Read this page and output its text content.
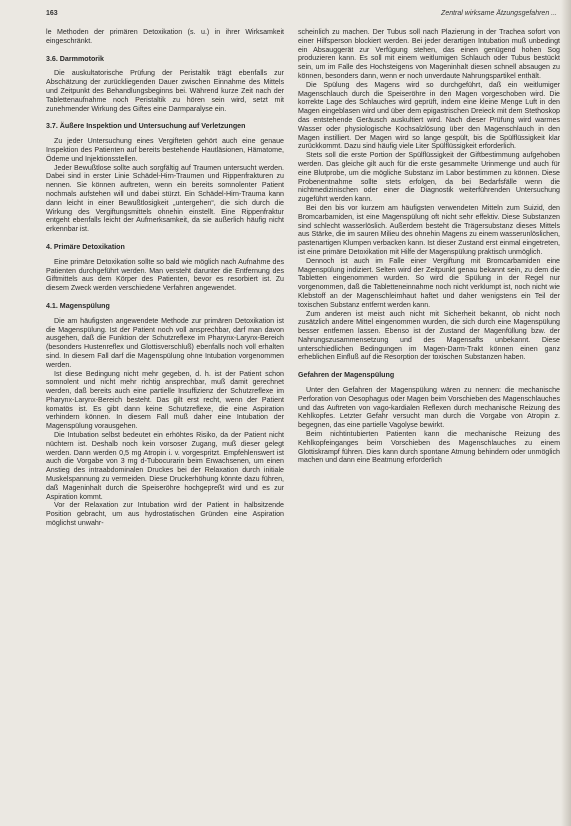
163	Zentral wirksame Ätzungsgefahren ...

le Methoden der primären Detoxikation (s. u.) in ihrer Wirksamkeit eingeschränkt.

3.6. Darmmotorik

Die auskultatorische Prüfung der Peristaltik trägt ebenfalls zur Abschätzung der zurückliegenden Dauer zwischen Einnahme des Mittels und Zeitpunkt des Behandlungsbeginns bei. Während kurze Zeit nach der Tablettenaufnahme noch Peristaltik zu hören sein wird, setzt mit zunehmender Wirkung des Giftes eine Darmparalyse ein.

3.7. Äußere Inspektion und Untersuchung auf Verletzungen

Zu jeder Untersuchung eines Vergifteten gehört auch eine genaue Inspektion des Patienten auf bereits bestehende Hautläsionen, Hämatome, Ödeme und Injektionsstellen.

Jeder Bewußtlose sollte auch sorgfältig auf Traumen untersucht werden. Dabei sind in erster Linie Schädel-Hirn-Traumen und Rippenfrakturen zu nennen. Sie können auftreten, wenn ein bereits somnolenter Patient nochmals aufstehen will und dabei stürzt. Ein Schädel-Hirn-Trauma kann dann leicht in einer Bewußtlosigkeit „untergehen“, die sich durch die Wirkung des Vergiftungsmittels ohnehin einstellt. Eine Rippenfraktur entgeht ebenfalls leicht der Aufmerksamkeit, da sie außerlich häufig nicht erkennbar ist.

4. Primäre Detoxikation

Eine primäre Detoxikation sollte so bald wie möglich nach Aufnahme des Patienten durchgeführt werden. Man versteht darunter die Entfernung des Giftmittels aus dem Körper des Patienten, bevor es resorbiert ist. Zu diesem Zweck werden verschiedene Verfahren angewendet.

4.1. Magenspülung

Die am häufigsten angewendete Methode zur primären Detoxikation ist die Magenspülung. Ist der Patient noch voll ansprechbar, darf man davon ausgehen, daß die Funktion der Schutzreflexe im Pharynx-Larynx-Bereich (besonders Hustenreflex und Glottisverschluß) ebenfalls noch voll erhalten sind. In diesem Fall darf die Magenspülung ohne Intubation vorgenommen werden.

Ist diese Bedingung nicht mehr gegeben, d. h. ist der Patient schon somnolent und nicht mehr richtig ansprechbar, muß damit gerechnet werden, daß bereits auch eine partielle Insuffizienz der Schutzreflexe im Pharynx-Larynx-Bereich besteht. Das gilt erst recht, wenn der Patient komatös ist. Es gibt dann keine Schutzreflexe, die eine Aspiration verhindern können. In diesem Fall muß daher eine Intubation der Magenspülung vorausgehen.

Die Intubation selbst bedeutet ein erhöhtes Risiko, da der Patient nicht nüchtern ist. Deshalb noch kein vorsoser Zugang, muß dieser gelegt werden. Dann werden 0,5 mg Atropin i. v. vorgespritzt. Empfehlenswert ist auch die Vorgabe von 3 mg d-Tubocurarin beim Erwachsenen, um einen Anstieg des intraabdominalen Druckes bei der Relaxation durch initiale Muskelspannung zu vermeiden. Diese Druckerhöhung könnte dazu führen, daß Mageninhalt durch die Speiseröhre hochgepreßt wird und es zur Aspiration kommt.

Vor der Relaxation zur Intubation wird der Patient in halbsitzende Position gebracht, um aus hydrostatischen Gründen eine Aspiration möglichst unwahr-

scheinlich zu machen. Der Tubus soll nach Plazierung in der Trachea sofort von einer Hilfsperson blockiert werden. Bei jeder derartigen Intubation muß unbedingt ein Absauggerät zur Verfügung stehen, das einen genügend hohen Sog produzieren kann. Es soll mit einem weitlumigen Schlauch oder Tubus bestückt sein, um im Falle des Hochsteigens von Mageninhalt diesen schnell absaugen zu können, besonders dann, wenn er noch unverdaute Nahrungspartikel enthält.

Die Spülung des Magens wird so durchgeführt, daß ein weitlumiger Magenschlauch durch die Speiseröhre in den Magen vorgeschoben wird. Die korrekte Lage des Schlauches wird geprüft, indem eine kleine Menge Luft in den Magen eingeblasen wird und über dem epigastrischen Dreieck mit dem Stethoskop das entstehende Geräusch auskultiert wird. Nach dieser Prüfung wird warmes Wasser oder physiologische Kochsalzlösung über den Magenschlauch in den Magen instilliert. Der Magen wird so lange gespült, bis die Spülflüssigkeit klar zurückkommt. Dazu sind häufig viele Liter Spülflüssigkeit erforderlich.

Stets soll die erste Portion der Spülflüssigkeit der Giftbestimmung aufgehoben werden. Das gleiche gilt auch für die erste gesammelte Urinmenge und auch für eine Blutprobe, um die mögliche Substanz im Labor bestimmen zu können. Diese Probenentnahme sollte stets erfolgen, da bei Bedarfsfälle wenn die nichtmedizinischen oder einer die Diagnostik weiterführenden Untersuchung zugeführt werden kann.

Bei den bis vor kurzem am häufigsten verwendeten Mitteln zum Suizid, den Bromcarbamiden, ist eine Magenspülung oft nicht sehr effektiv. Diese Substanzen sind schlecht wasserlöslich. Außerdem besteht die Trägersubstanz dieses Mittels aus Stärke, die im sauren Milieu des ohnehin Magens zu einem wasserunlöslichen, pastenartigen Klumpen verbacken kann. Ist dieser Zustand erst einmal eingetreten, ist eine primäre Detoxikation mit Hilfe der Magenspülung praktisch unmöglich.

Dennoch ist auch im Falle einer Vergiftung mit Bromcarbamiden eine Magenspülung indiziert. Selten wird der Zeitpunkt genau bekannt sein, zu dem die Tabletten eingenommen wurden. So wird die Spülung in der Regel nur vorgenommen, daß die Tabletteneinnahme noch nicht verklumpt ist, noch nicht wie Klebstoff an der Magenschleimhaut haftet und daher wenigstens ein Teil der toxischen Substanz entfernt werden kann.

Zum anderen ist meist auch nicht mit Sicherheit bekannt, ob nicht noch zusätzlich andere Mittel eingenommen wurden, die sich durch eine Magenspülung besser entfernen lassen. Ebenso ist der Zustand der Magenfüllung bzw. der Nahrungszusammensetzung und des Magensafts unbekannt. Diese unterschiedlichen Bedingungen im Magen-Darm-Trakt können einen ganz erheblichen Einfluß auf die Resorption der toxischen Substanzen haben.

Gefahren der Magenspülung

Unter den Gefahren der Magenspülung wären zu nennen: die mechanische Perforation von Oesophagus oder Magen beim Vorschieben des Magenschlauches und das Auftreten von vago-kardialen Reflexen durch mechanische Reizung des Kehlkopfes. Letzter Gefahr versucht man durch die Vorgabe von Atropin z. begegnen, das eine partielle Vagolyse bewirkt.

Beim nichtintubierten Patienten kann die mechanische Reizung des Kehlkopfeinganges beim Vorschieben des Magenschlauches zu einem Glottiskrampf führen. Dies kann durch spontane Atmung behindern oder unmöglich machen und dann eine Beatmung erforderlich
